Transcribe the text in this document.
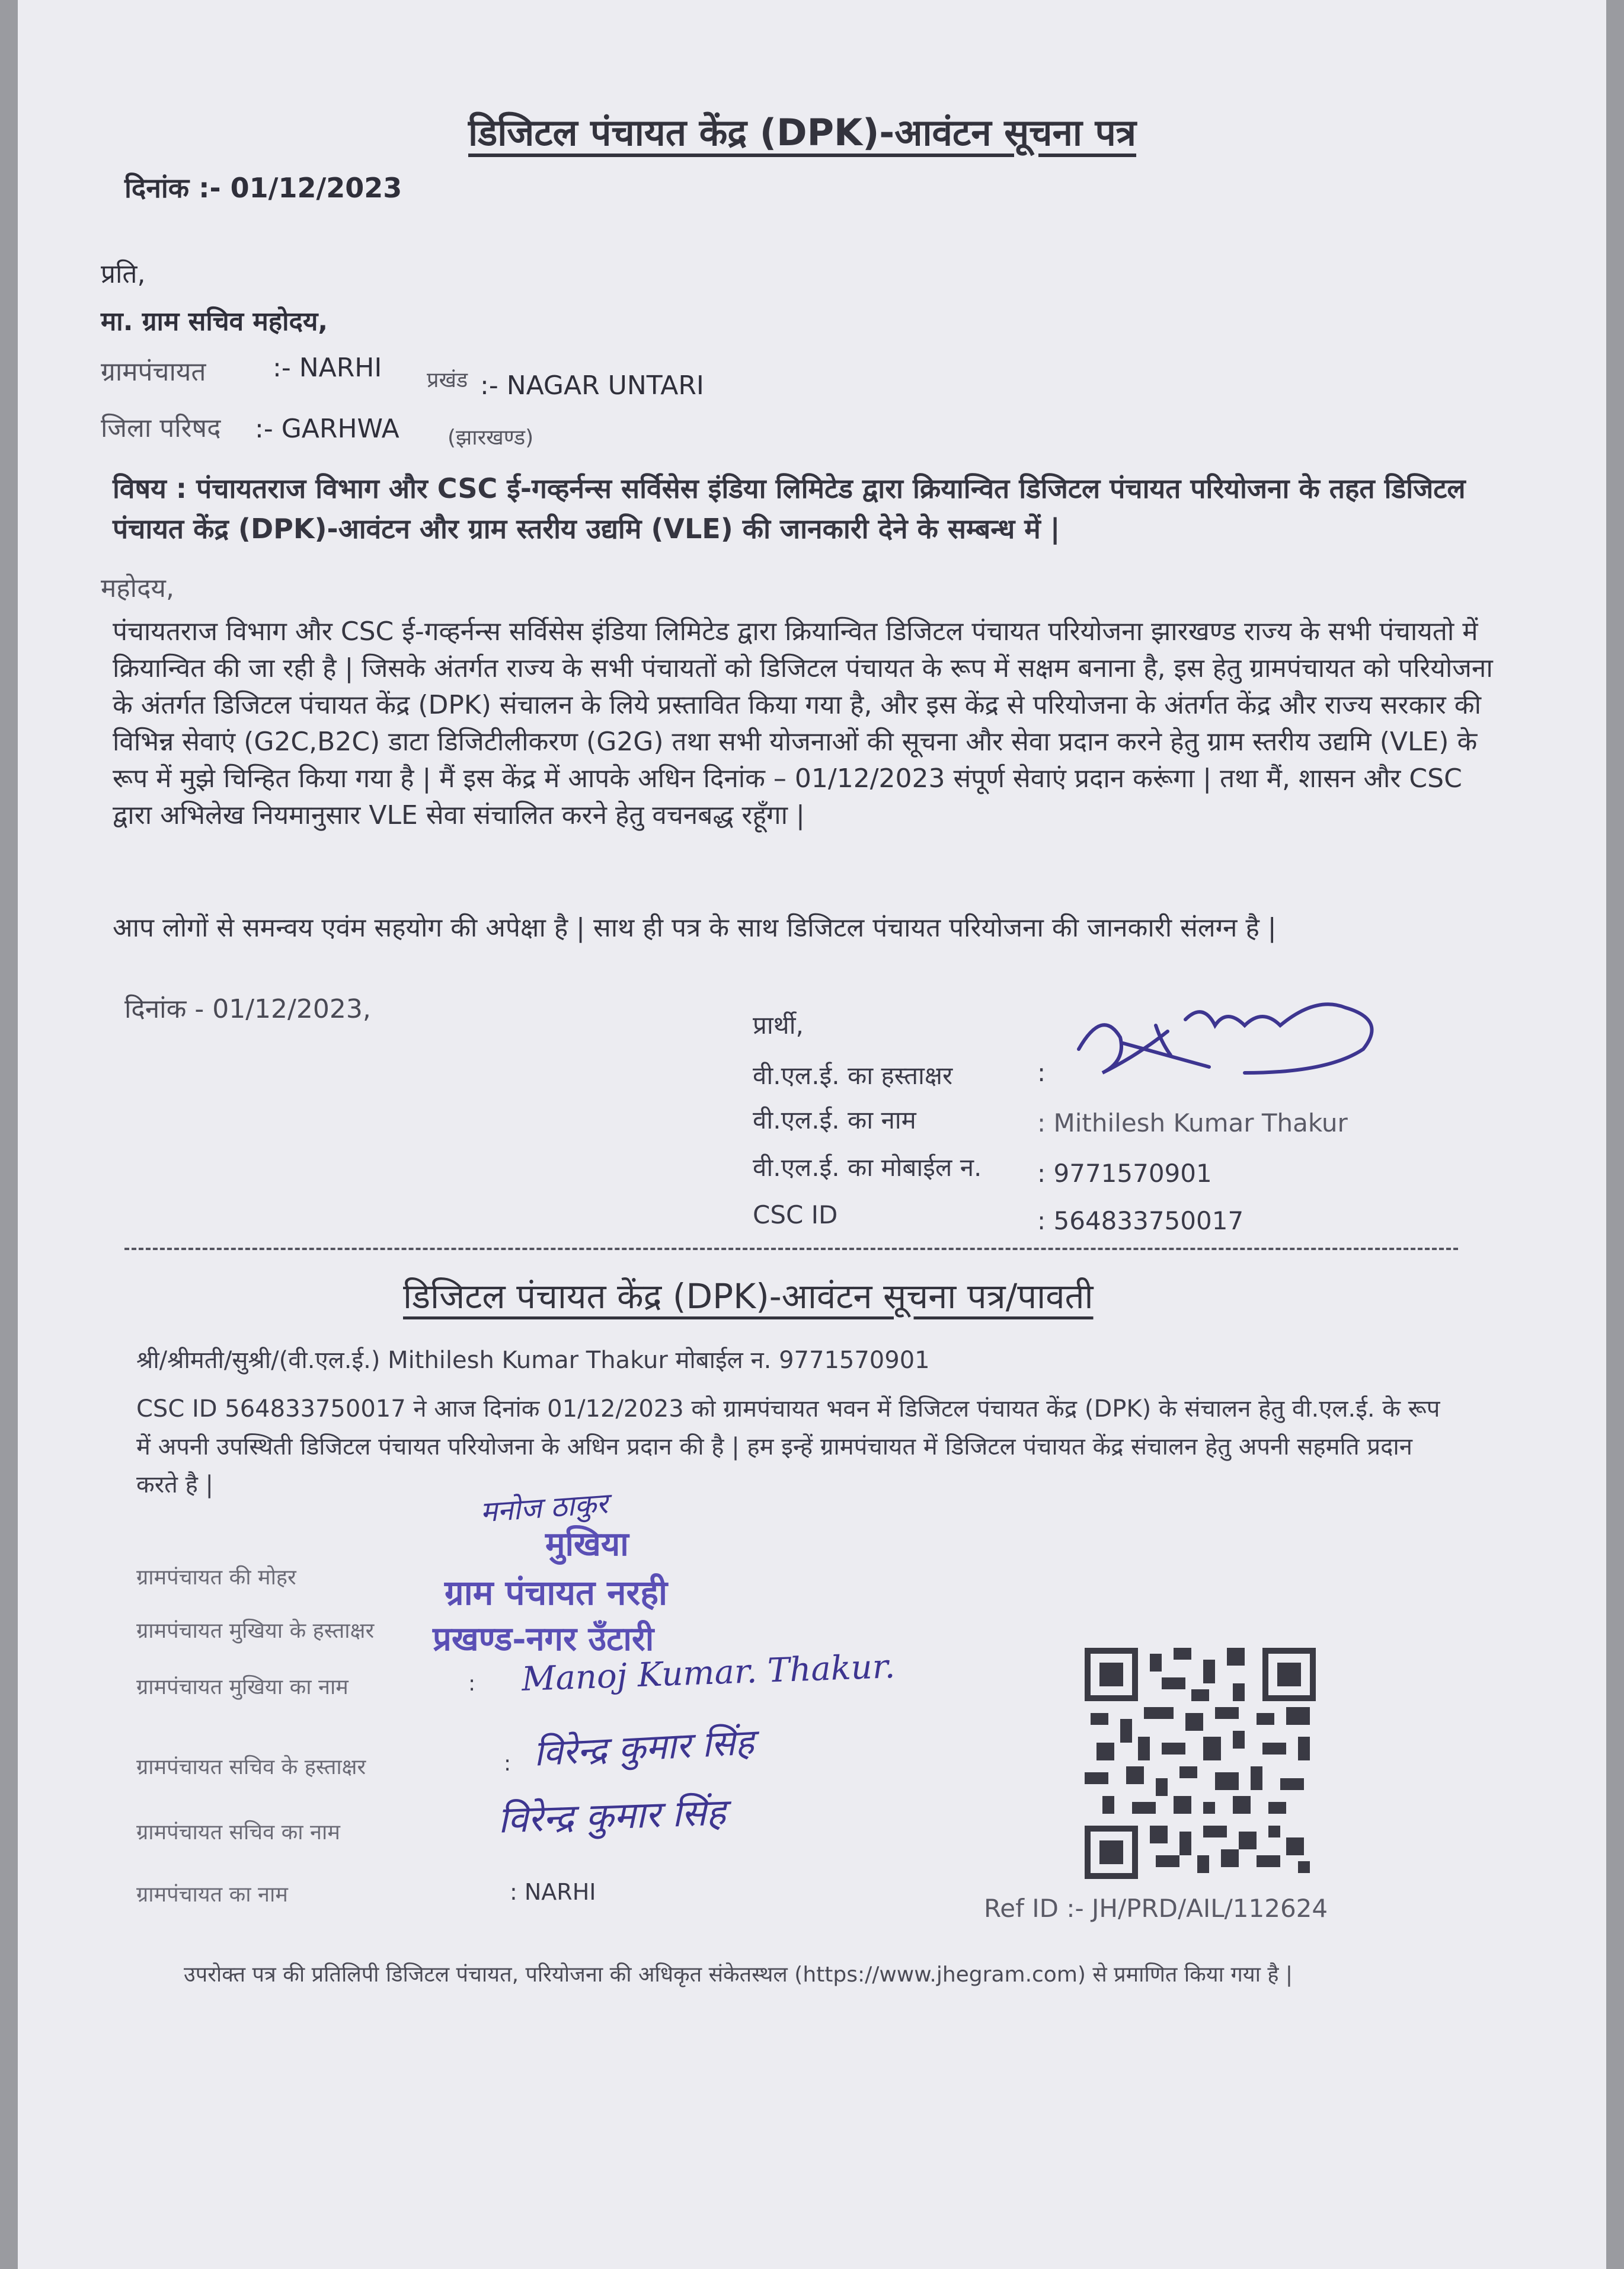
डिजिटल पंचायत केंद्र (DPK)-आवंटन सूचना पत्र
दिनांक :- 01/12/2023
प्रति,
मा. ग्राम सचिव महोदय,
ग्रामपंचायत	:- NARHI प्रखंड :- NAGAR UNTARI
जिला परिषद :- GARHWA (झारखण्ड)
विषय : पंचायतराज विभाग और CSC ई-गव्हर्नन्स सर्विसेस इंडिया लिमिटेड द्वारा क्रियान्वित डिजिटल पंचायत परियोजना के तहत डिजिटल पंचायत केंद्र (DPK)-आवंटन और ग्राम स्तरीय उद्यमि (VLE) की जानकारी देने के सम्बन्ध में |
महोदय,
पंचायतराज विभाग और CSC ई-गव्हर्नन्स सर्विसेस इंडिया लिमिटेड द्वारा क्रियान्वित डिजिटल पंचायत परियोजना झारखण्ड राज्य के सभी पंचायतो में क्रियान्वित की जा रही है | जिसके अंतर्गत राज्य के सभी पंचायतों को डिजिटल पंचायत के रूप में सक्षम बनाना है, इस हेतु ग्रामपंचायत को परियोजना के अंतर्गत डिजिटल पंचायत केंद्र (DPK) संचालन के लिये प्रस्तावित किया गया है, और इस केंद्र से परियोजना के अंतर्गत केंद्र और राज्य सरकार की विभिन्न सेवाएं (G2C,B2C) डाटा डिजिटीलीकरण (G2G) तथा सभी योजनाओं की सूचना और सेवा प्रदान करने हेतु ग्राम स्तरीय उद्यमि (VLE) के रूप में मुझे चिन्हित किया गया है | मैं इस केंद्र में आपके अधिन दिनांक – 01/12/2023 संपूर्ण सेवाएं प्रदान करूंगा | तथा मैं, शासन और CSC द्वारा अभिलेख नियमानुसार VLE सेवा संचालित करने हेतु वचनबद्ध रहूँगा |
आप लोगों से समन्वय एवंम सहयोग की अपेक्षा है | साथ ही पत्र के साथ डिजिटल पंचायत परियोजना की जानकारी संलग्न है |
दिनांक - 01/12/2023,
प्रार्थी,
वी.एल.ई. का हस्ताक्षर	:
वी.एल.ई. का नाम	: Mithilesh Kumar Thakur
वी.एल.ई. का मोबाईल न. : 9771570901
CSC ID	: 564833750017
डिजिटल पंचायत केंद्र (DPK)-आवंटन सूचना पत्र/पावती
श्री/श्रीमती/सुश्री/(वी.एल.ई.) Mithilesh Kumar Thakur मोबाईल न. 9771570901
CSC ID 564833750017 ने आज दिनांक 01/12/2023 को ग्रामपंचायत भवन में डिजिटल पंचायत केंद्र (DPK) के संचालन हेतु वी.एल.ई. के रूप में अपनी उपस्थिती डिजिटल पंचायत परियोजना के अधिन प्रदान की है | हम इन्हें ग्रामपंचायत में डिजिटल पंचायत केंद्र संचालन हेतु अपनी सहमति प्रदान करते है |
मनोज ठाकुर
मुखिया
ग्राम पंचायत नरही
प्रखण्ड-नगर उँटारी
ग्रामपंचायत की मोहर
ग्रामपंचायत मुखिया के हस्ताक्षर
ग्रामपंचायत मुखिया का नाम	: Manoj Kumar. Thakur.
ग्रामपंचायत सचिव के हस्ताक्षर	: विरेन्द्र कुमार सिंह
ग्रामपंचायत सचिव का नाम	विरेन्द्र कुमार सिंह
ग्रामपंचायत का नाम	: NARHI
Ref ID :- JH/PRD/AIL/112624
उपरोक्त पत्र की प्रतिलिपी डिजिटल पंचायत, परियोजना की अधिकृत संकेतस्थल (https://www.jhegram.com) से प्रमाणित किया गया है |
